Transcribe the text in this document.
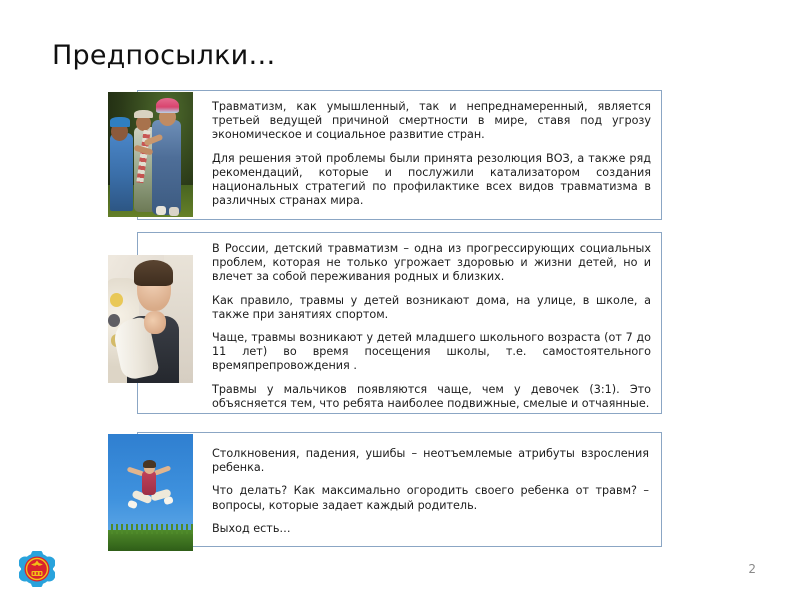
Предпосылки…

Травматизм, как умышленный, так и непреднамеренный, является третьей ведущей причиной смертности в мире, ставя под угрозу экономическое и социальное развитие стран.

Для решения этой проблемы были принята резолюция ВОЗ, а также ряд рекомендаций, которые и послужили катализатором создания национальных стратегий по профилактике всех видов травматизма в различных странах мира.

В России, детский травматизм – одна из прогрессирующих социальных проблем, которая не только угрожает здоровью и жизни детей, но и влечет за собой переживания родных и близких.

Как правило, травмы у детей возникают дома, на улице, в школе, а также при занятиях спортом.

Чаще, травмы возникают у детей младшего школьного возраста (от 7 до 11 лет) во время посещения школы, т.е. самостоятельного времяпрепровождения .

Травмы у мальчиков появляются чаще, чем у девочек (3:1). Это объясняется тем, что ребята наиболее подвижные, смелые и отчаянные.

Столкновения, падения, ушибы – неотъемлемые атрибуты взросления ребенка.

Что делать? Как максимально огородить своего ребенка от травм? – вопросы, которые задает каждый родитель.

Выход есть…

2
